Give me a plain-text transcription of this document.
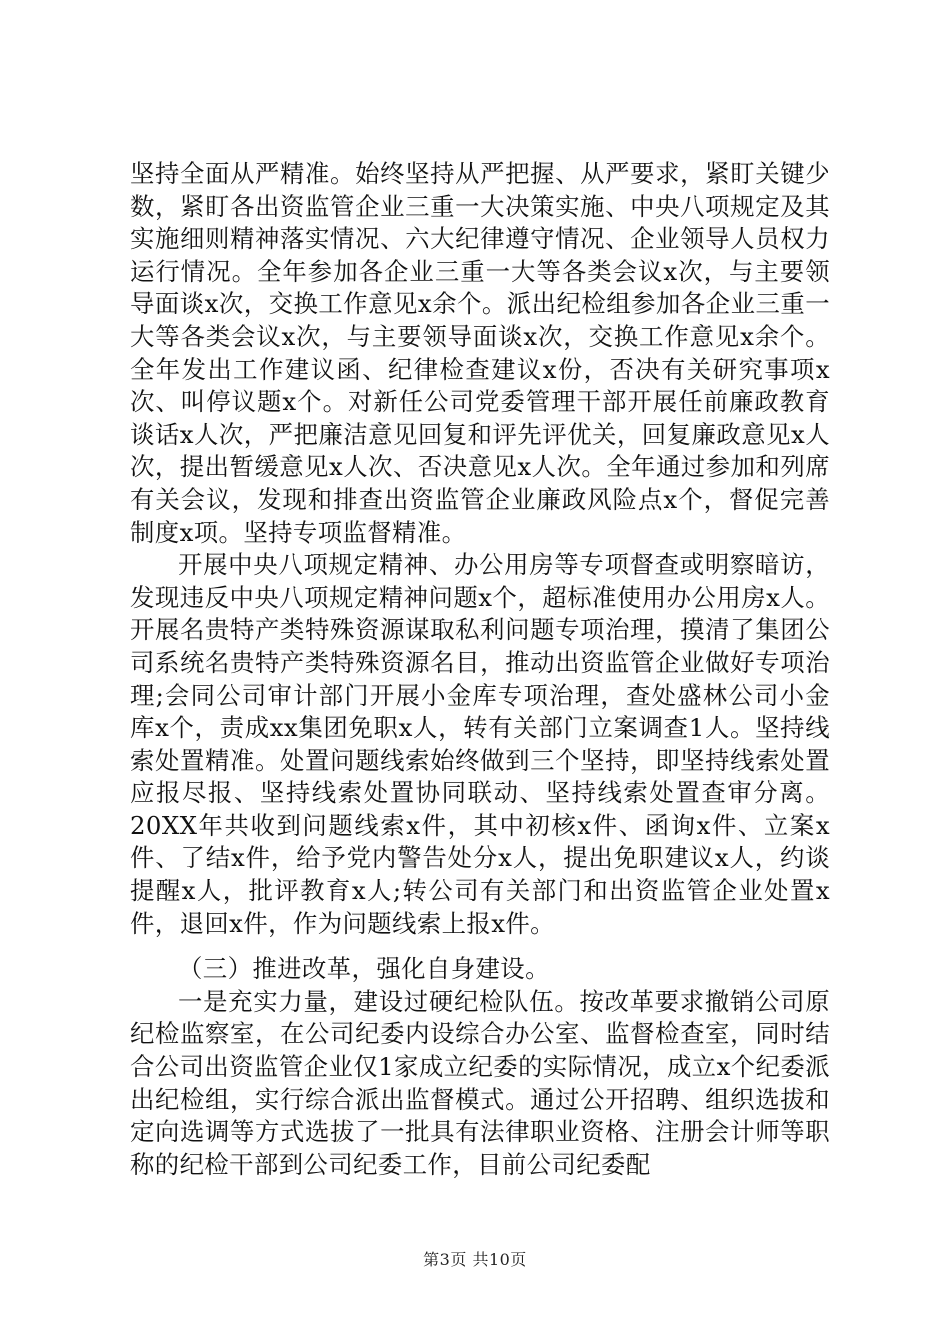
坚持全面从严精准。始终坚持从严把握、从严要求，紧盯关键少数，紧盯各出资监管企业三重一大决策实施、中央八项规定及其实施细则精神落实情况、六大纪律遵守情况、企业领导人员权力运行情况。全年参加各企业三重一大等各类会议x次，与主要领导面谈x次，交换工作意见x余个。派出纪检组参加各企业三重一大等各类会议x次，与主要领导面谈x次，交换工作意见x余个。全年发出工作建议函、纪律检查建议x份，否决有关研究事项x次、叫停议题x个。对新任公司党委管理干部开展任前廉政教育谈话x人次，严把廉洁意见回复和评先评优关，回复廉政意见x人次，提出暂缓意见x人次、否决意见x人次。全年通过参加和列席有关会议，发现和排查出资监管企业廉政风险点x个，督促完善制度x项。坚持专项监督精准。

开展中央八项规定精神、办公用房等专项督查或明察暗访，发现违反中央八项规定精神问题x个，超标准使用办公用房x人。开展名贵特产类特殊资源谋取私利问题专项治理，摸清了集团公司系统名贵特产类特殊资源名目，推动出资监管企业做好专项治理;会同公司审计部门开展小金库专项治理，查处盛林公司小金库x个，责成xx集团免职x人，转有关部门立案调查1人。坚持线索处置精准。处置问题线索始终做到三个坚持，即坚持线索处置应报尽报、坚持线索处置协同联动、坚持线索处置查审分离。20XX年共收到问题线索x件，其中初核x件、函询x件、立案x件、了结x件，给予党内警告处分x人，提出免职建议x人，约谈提醒x人，批评教育x人;转公司有关部门和出资监管企业处置x件，退回x件，作为问题线索上报x件。

（三）推进改革，强化自身建设。

一是充实力量，建设过硬纪检队伍。按改革要求撤销公司原纪检监察室，在公司纪委内设综合办公室、监督检查室，同时结合公司出资监管企业仅1家成立纪委的实际情况，成立x个纪委派出纪检组，实行综合派出监督模式。通过公开招聘、组织选拔和定向选调等方式选拔了一批具有法律职业资格、注册会计师等职称的纪检干部到公司纪委工作，目前公司纪委配

第3页 共10页
